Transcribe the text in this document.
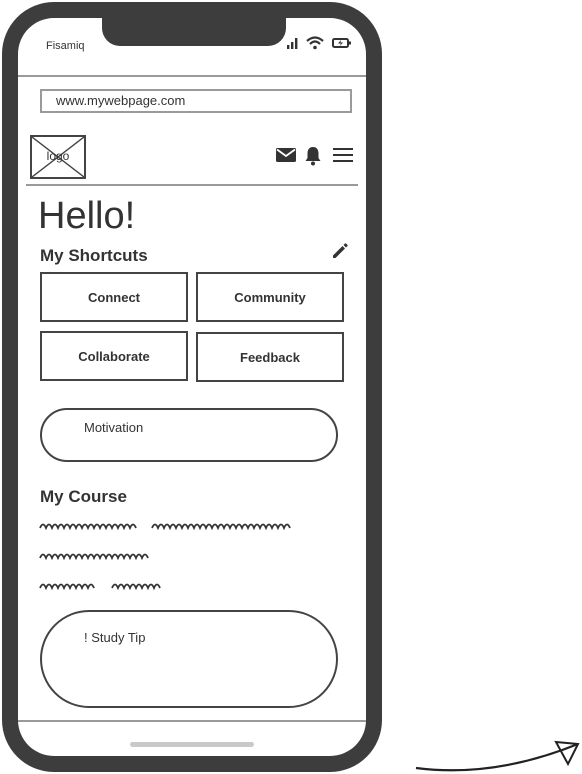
Fisamiq
www.mywebpage.com
logo
Hello!
My Shortcuts
Connect	Community
Collaborate	Feedback
Motivation
My Course
! Study Tip
